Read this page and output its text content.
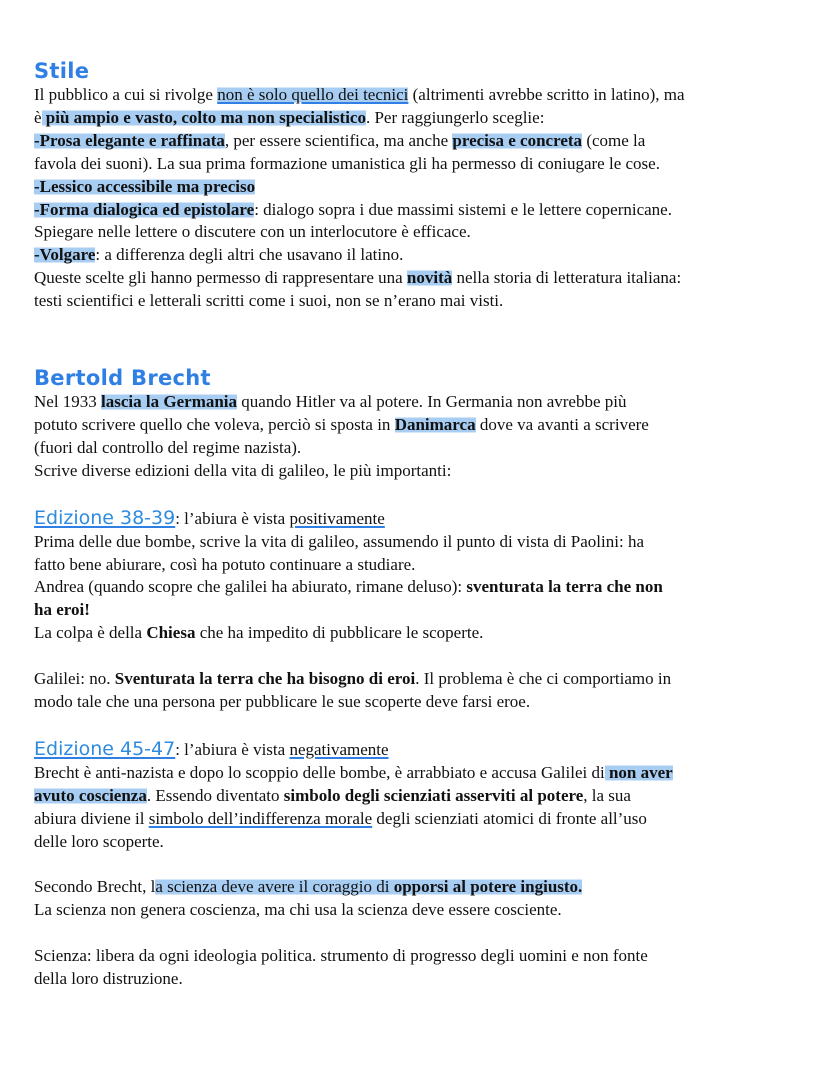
Stile

Il pubblico a cui si rivolge non è solo quello dei tecnici (altrimenti avrebbe scritto in latino), ma

è più ampio e vasto, colto ma non specialistico. Per raggiungerlo sceglie:

-Prosa elegante e raffinata, per essere scientifica, ma anche precisa e concreta (come la

favola dei suoni). La sua prima formazione umanistica gli ha permesso di coniugare le cose.

-Lessico accessibile ma preciso

-Forma dialogica ed epistolare: dialogo sopra i due massimi sistemi e le lettere copernicane.

Spiegare nelle lettere o discutere con un interlocutore è efficace.

-Volgare: a differenza degli altri che usavano il latino.

Queste scelte gli hanno permesso di rappresentare una novità nella storia di letteratura italiana:

testi scientifici e letterali scritti come i suoi, non se n’erano mai visti.

Bertold Brecht

Nel 1933 lascia la Germania quando Hitler va al potere. In Germania non avrebbe più

potuto scrivere quello che voleva, perciò si sposta in Danimarca dove va avanti a scrivere

(fuori dal controllo del regime nazista).

Scrive diverse edizioni della vita di galileo, le più importanti:

Edizione 38-39: l’abiura è vista positivamente

Prima delle due bombe, scrive la vita di galileo, assumendo il punto di vista di Paolini: ha

fatto bene abiurare, così ha potuto continuare a studiare.

Andrea (quando scopre che galilei ha abiurato, rimane deluso): sventurata la terra che non

ha eroi!

La colpa è della Chiesa che ha impedito di pubblicare le scoperte.

Galilei: no. Sventurata la terra che ha bisogno di eroi. Il problema è che ci comportiamo in

modo tale che una persona per pubblicare le sue scoperte deve farsi eroe.

Edizione 45-47: l’abiura è vista negativamente

Brecht è anti-nazista e dopo lo scoppio delle bombe, è arrabbiato e accusa Galilei di non aver

avuto coscienza. Essendo diventato simbolo degli scienziati asserviti al potere, la sua

abiura diviene il simbolo dell’indifferenza morale degli scienziati atomici di fronte all’uso

delle loro scoperte.

Secondo Brecht, la scienza deve avere il coraggio di opporsi al potere ingiusto.

La scienza non genera coscienza, ma chi usa la scienza deve essere cosciente.

Scienza: libera da ogni ideologia politica. strumento di progresso degli uomini e non fonte

della loro distruzione.
